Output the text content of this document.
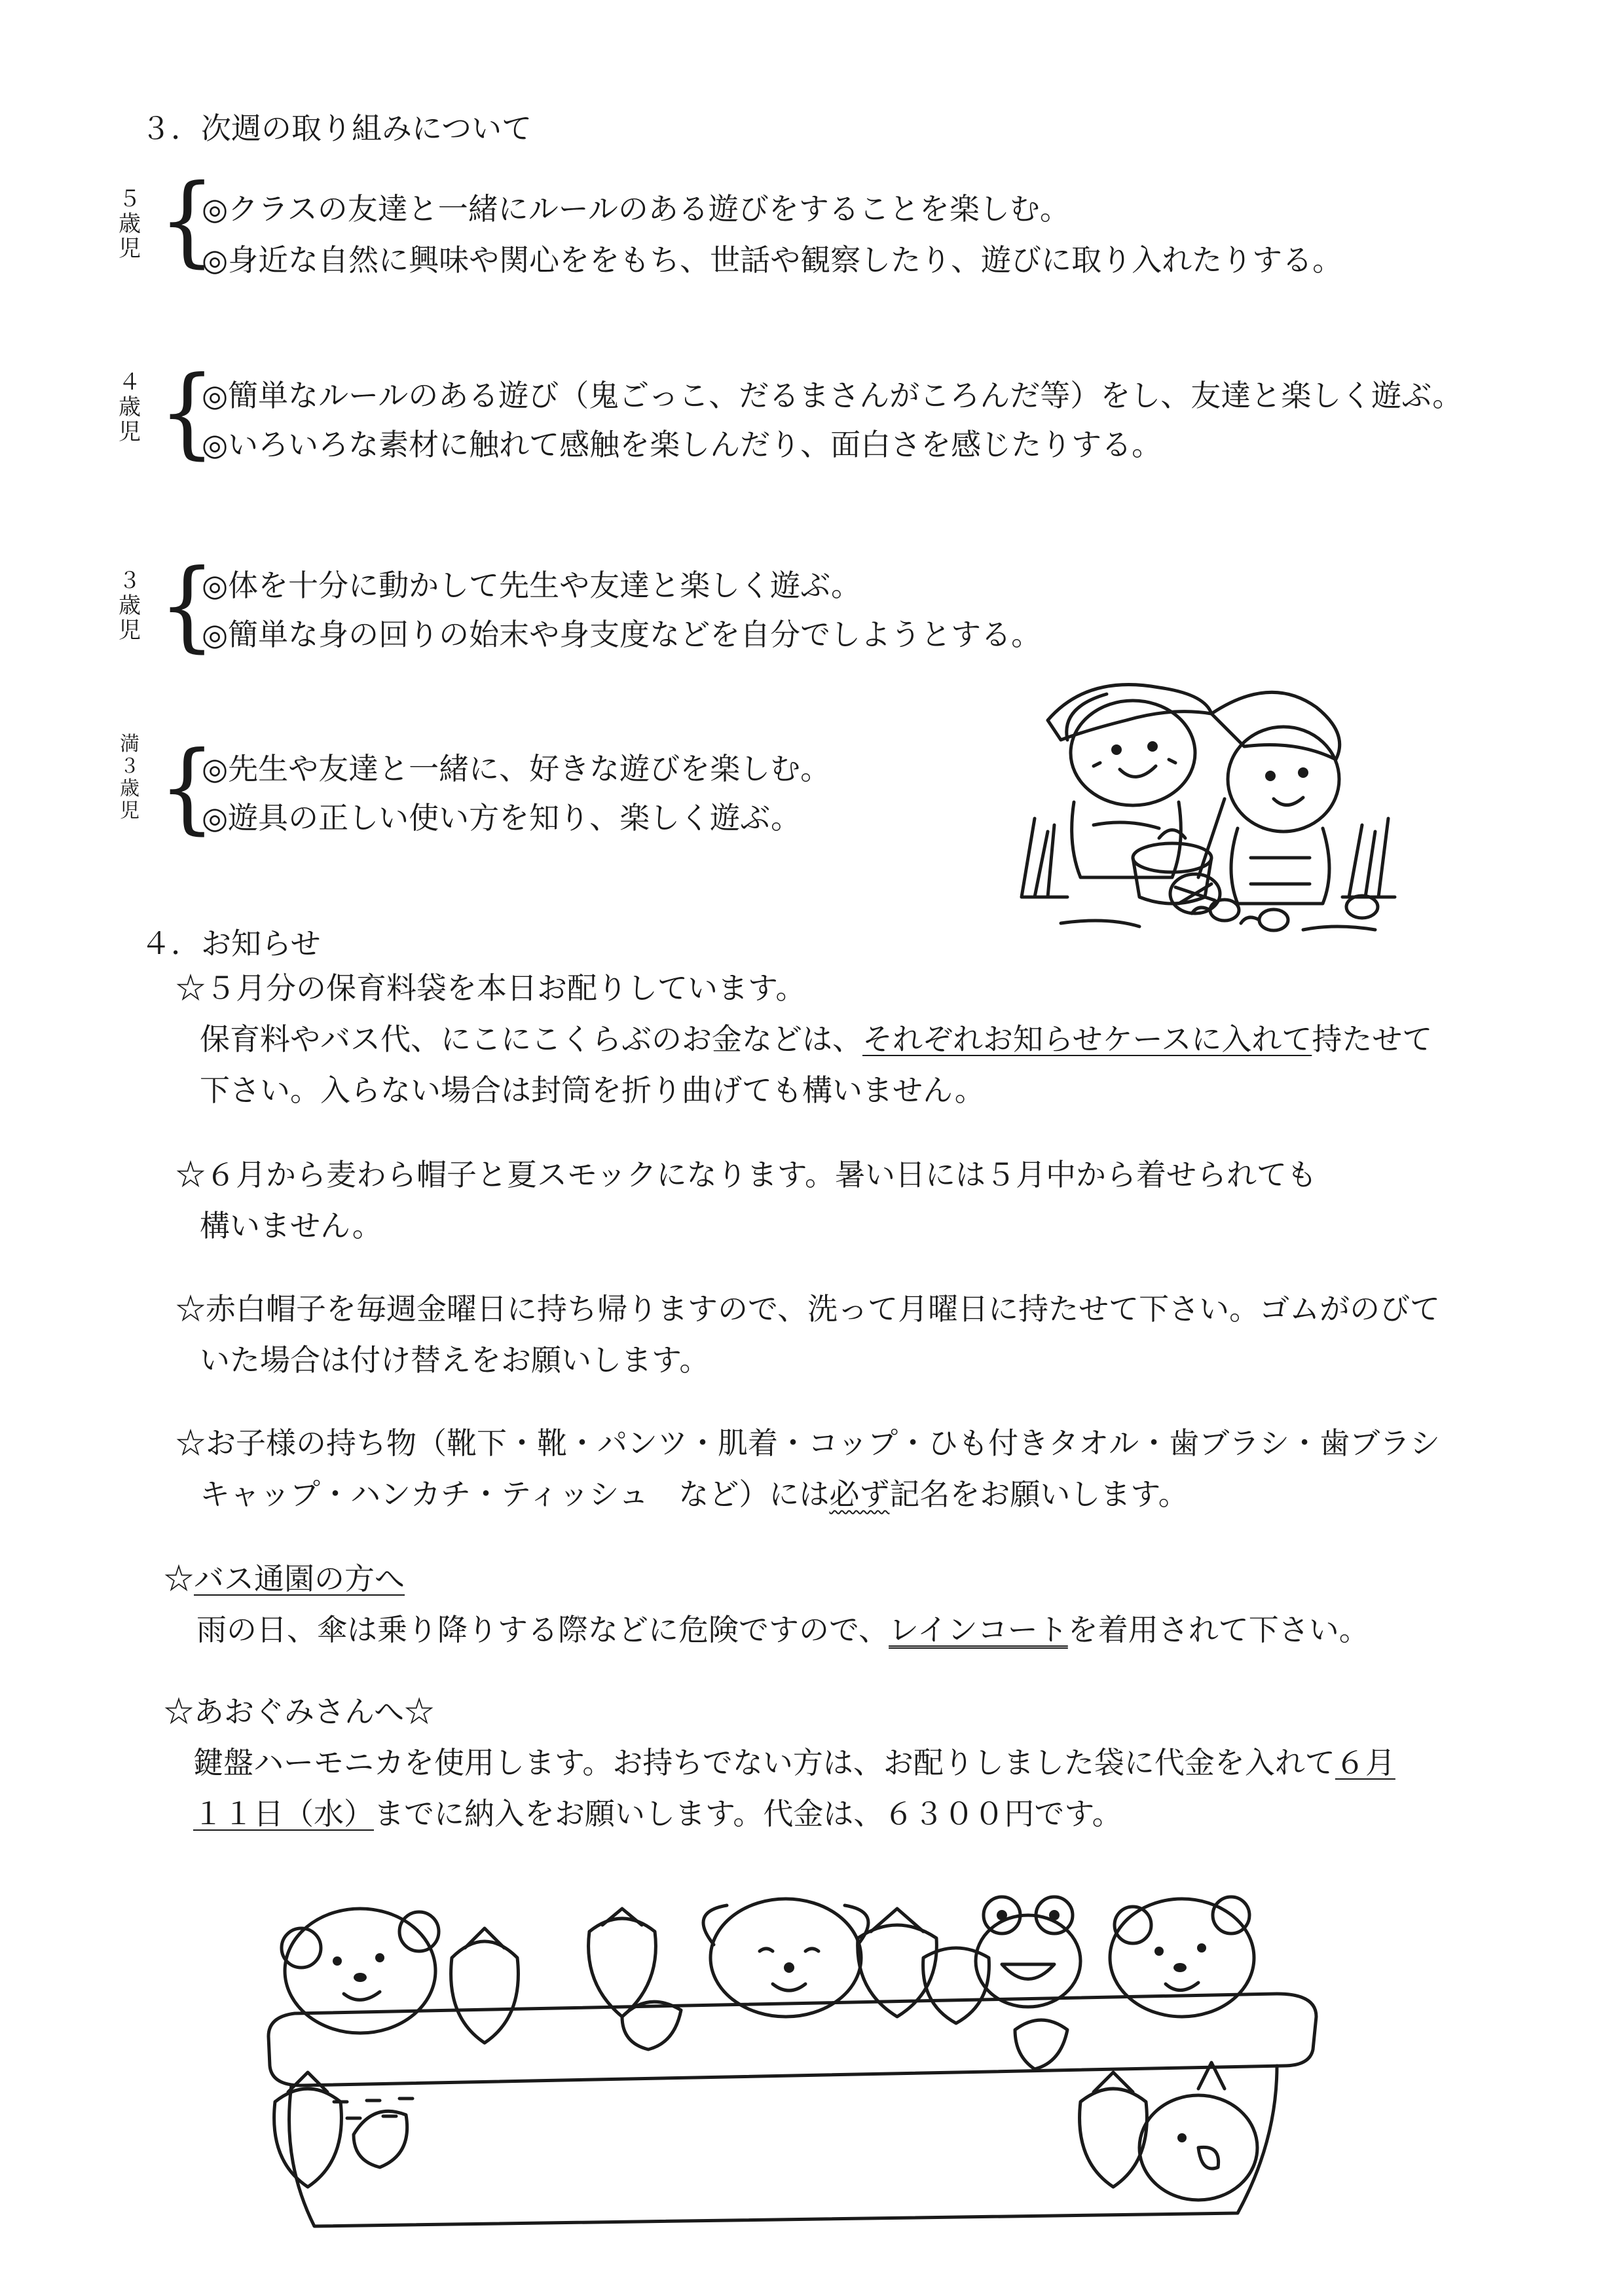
３．次週の取り組みについて
５歳児 {
◎クラスの友達と一緒にルールのある遊びをすることを楽しむ。
◎身近な自然に興味や関心ををもち、世話や観察したり、遊びに取り入れたりする。
４歳児 {
◎簡単なルールのある遊び（鬼ごっこ、だるまさんがころんだ等）をし、友達と楽しく遊ぶ。
◎いろいろな素材に触れて感触を楽しんだり、面白さを感じたりする。
３歳児 {
◎体を十分に動かして先生や友達と楽しく遊ぶ。
◎簡単な身の回りの始末や身支度などを自分でしようとする。
満３歳児 {
◎先生や友達と一緒に、好きな遊びを楽しむ。
◎遊具の正しい使い方を知り、楽しく遊ぶ。
４．お知らせ
☆５月分の保育料袋を本日お配りしています。
保育料やバス代、にこにこくらぶのお金などは、それぞれお知らせケースに入れて持たせて
下さい。入らない場合は封筒を折り曲げても構いません。
☆６月から麦わら帽子と夏スモックになります。暑い日には５月中から着せられても
構いません。
☆赤白帽子を毎週金曜日に持ち帰りますので、洗って月曜日に持たせて下さい。ゴムがのびて
いた場合は付け替えをお願いします。
☆お子様の持ち物（靴下・靴・パンツ・肌着・コップ・ひも付きタオル・歯ブラシ・歯ブラシ
キャップ・ハンカチ・ティッシュ　など）には必ず記名をお願いします。
☆バス通園の方へ
雨の日、傘は乗り降りする際などに危険ですので、レインコートを着用されて下さい。
☆あおぐみさんへ☆
鍵盤ハーモニカを使用します。お持ちでない方は、お配りしました袋に代金を入れて６月
１１日（水）までに納入をお願いします。代金は、６３００円です。
